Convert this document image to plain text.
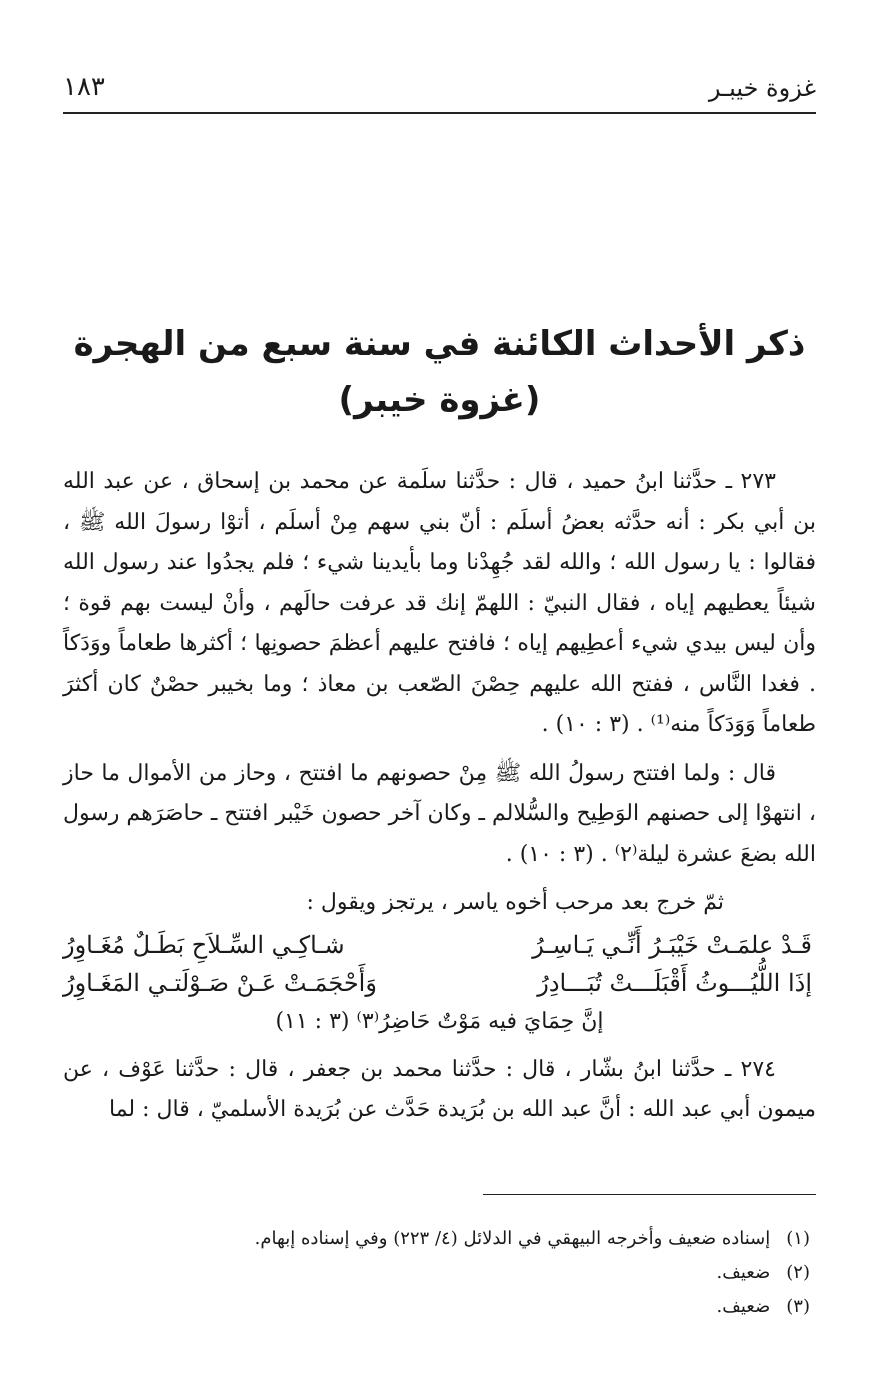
غزوة خيبـر
١٨٣
ذكر الأحداث الكائنة في سنة سبع من الهجرة
(غزوة خيبر)

٢٧٣ ـ حدَّثنا ابنُ حميد ، قال : حدَّثنا سلَمة عن محمد بن إسحاق ، عن عبد الله بن أبي بكر : أنه حدَّثه بعضُ أسلَم : أنّ بني سهم مِنْ أسلَم ، أتوْا رسولَ الله ﷺ ، فقالوا : يا رسول الله ؛ والله لقد جُهِدْنا وما بأيدينا شيء ؛ فلم يجدُوا عند رسول الله شيئاً يعطيهم إياه ، فقال النبيّ : اللهمّ إنك قد عرفت حالَهم ، وأنْ ليست بهم قوة ؛ وأن ليس بيدي شيء أعطِيهم إياه ؛ فافتح عليهم أعظمَ حصونِها ؛ أكثرها طعاماً ووَدَكاً . فغدا النَّاس ، ففتح الله عليهم حِصْنَ الصّعب بن معاذ ؛ وما بخيبر حصْنٌ كان أكثرَ طعاماً وَوَدَكاً منه⁽¹⁾ . (٣ : ١٠) .

قال : ولما افتتح رسولُ الله ﷺ مِنْ حصونهم ما افتتح ، وحاز من الأموال ما حاز ، انتهوْا إلى حصنهم الوَطِيح والسُّلالم ـ وكان آخر حصون خَيْبر افتتح ـ حاصَرَهم رسول الله بضعَ عشرة ليلة⁽٢⁾ . (٣ : ١٠) .

ثمّ خرج بعد مرحب أخوه ياسر ، يرتجز ويقول :

قَـدْ علمَـتْ خَيْبَـرُ أَنِّـي يَـاسِـرُ
شـاكِـي السِّـلاَحِ بَطَـلٌ مُغَـاوِرُ
إذَا اللُّيُـــوثُ أَقْبَلَـــتْ تُبَـــادِرُ
وَأَحْجَمَـتْ عَـنْ صَـوْلَتـي المَغَـاوِرُ
إنَّ حِمَايَ فيه مَوْتٌ حَاضِرُ⁽٣⁾ (٣ : ١١)

٢٧٤ ـ حدَّثنا ابنُ بشّار ، قال : حدَّثنا محمد بن جعفر ، قال : حدَّثنا عَوْف ، عن ميمون أبي عبد الله : أنَّ عبد الله بن بُرَيدة حَدَّث عن بُرَيدة الأسلميّ ، قال : لما

(١)
إسناده ضعيف وأخرجه البيهقي في الدلائل (٤/ ٢٢٣) وفي إسناده إبهام.
(٢)
ضعيف.
(٣)
ضعيف.
